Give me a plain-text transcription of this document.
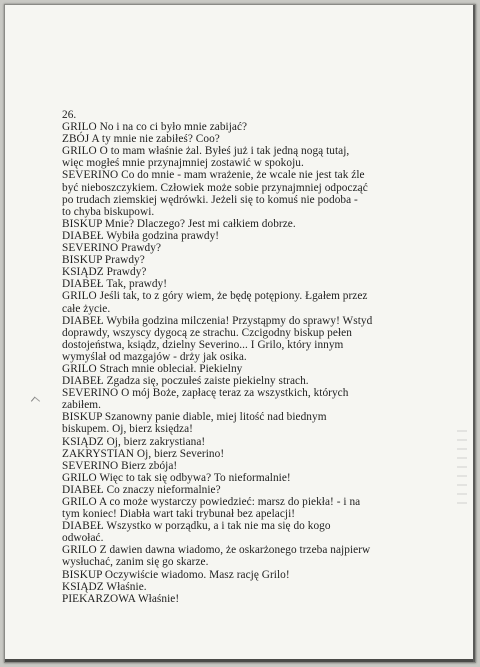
26.
GRILO No i na co ci było mnie zabijać?
ZBÓJ A ty mnie nie zabiłeś? Coo?
GRILO O to mam właśnie żal. Byłeś już i tak jedną nogą tutaj,
więc mogłeś mnie przynajmniej zostawić w spokoju.
SEVERINO Co do mnie - mam wrażenie, że wcale nie jest tak źle
być nieboszczykiem. Człowiek może sobie przynajmniej odpocząć
po trudach ziemskiej wędrówki. Jeżeli się to komuś nie podoba -
to chyba biskupowi.
BISKUP Mnie? Dlaczego? Jest mi całkiem dobrze.
DIABEŁ Wybiła godzina prawdy!
SEVERINO Prawdy?
BISKUP Prawdy?
KSIĄDZ Prawdy?
DIABEŁ Tak, prawdy!
GRILO Jeśli tak, to z góry wiem, że będę potępiony. Łgałem przez
całe życie.
DIABEŁ Wybiła godzina milczenia! Przystąpmy do sprawy! Wstyd
doprawdy, wszyscy dygocą ze strachu. Czcigodny biskup pełen
dostojeństwa, ksiądz, dzielny Severino... I Grilo, który innym
wymyślał od mazgajów - drży jak osika.
GRILO Strach mnie obleciał. Piekielny
DIABEŁ Zgadza się, poczułeś zaiste piekielny strach.
SEVERINO O mój Boże, zapłacę teraz za wszystkich, których
zabiłem.
BISKUP Szanowny panie diable, miej litość nad biednym
biskupem. Oj, bierz księdza!
KSIĄDZ Oj, bierz zakrystiana!
ZAKRYSTIAN Oj, bierz Severino!
SEVERINO Bierz zbója!
GRILO Więc to tak się odbywa? To nieformalnie!
DIABEŁ Co znaczy nieformalnie?
GRILO A co może wystarczy powiedzieć: marsz do piekła! - i na
tym koniec! Diabła wart taki trybunał bez apelacji!
DIABEŁ Wszystko w porządku, a i tak nie ma się do kogo
odwołać.
GRILO Z dawien dawna wiadomo, że oskarżonego trzeba najpierw
wysłuchać, zanim się go skarze.
BISKUP Oczywiście wiadomo. Masz rację Grilo!
KSIĄDZ Właśnie.
PIEKARZOWA Właśnie!
